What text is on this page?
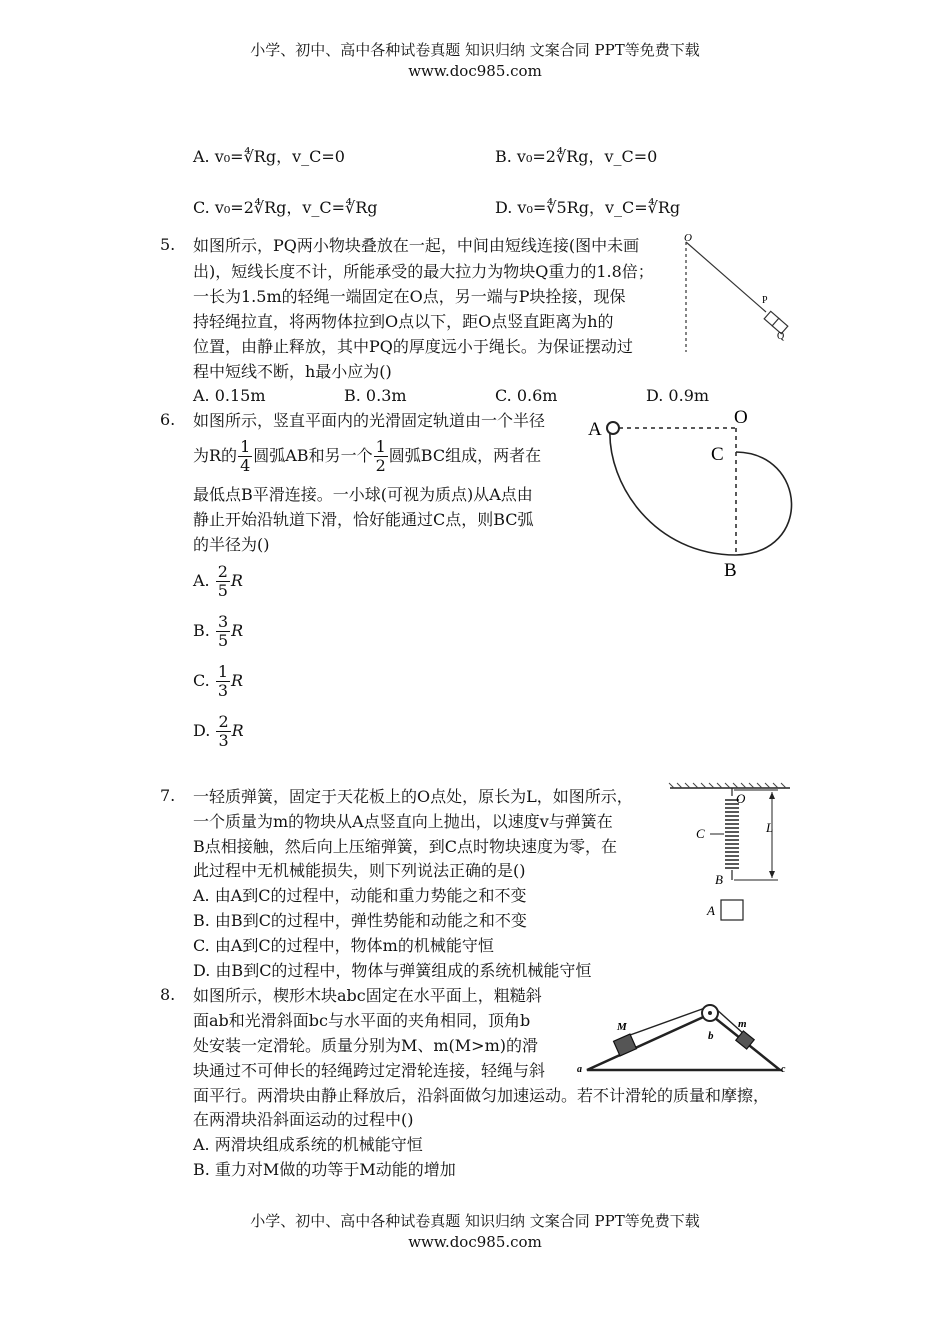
小学、初中、高中各种试卷真题 知识归纳 文案合同 PPT等免费下载
www.doc985.com
A. v₀=∜Rg，v_C=0	B. v₀=2∜Rg，v_C=0
C. v₀=2∜Rg，v_C=∜Rg	D. v₀=∜5Rg，v_C=∜Rg
5. 如图所示，PQ两小物块叠放在一起，中间由短线连接(图中未画
出)，短线长度不计，所能承受的最大拉力为物块Q重力的1.8倍；
一长为1.5m的轻绳一端固定在O点，另一端与P块拴接，现保
持轻绳拉直，将两物体拉到O点以下，距O点竖直距离为h的
位置，由静止释放，其中PQ的厚度远小于绳长。为保证摆动过
程中短线不断，h最小应为()
A. 0.15m	B. 0.3m	C. 0.6m	D. 0.9m
O
P
Q
6. 如图所示，竖直平面内的光滑固定轨道由一个半径
为R的 $\frac{1}{4}$ 圆弧AB和另一个 $\frac{1}{2}$ 圆弧BC组成，两者在
最低点B平滑连接。一小球(可视为质点)从A点由
静止开始沿轨道下滑，恰好能通过C点，则BC弧
的半径为()
A. $\frac{2}{5}$ R
B. $\frac{3}{5}$ R
C. $\frac{1}{3}$ R
D. $\frac{2}{3}$ R
A
O
C
B
7. 一轻质弹簧，固定于天花板上的O点处，原长为L，如图所示，
一个质量为m的物块从A点竖直向上抛出，以速度v与弹簧在
B点相接触，然后向上压缩弹簧，到C点时物块速度为零，在
此过程中无机械能损失，则下列说法正确的是()
A. 由A到C的过程中，动能和重力势能之和不变
B. 由B到C的过程中，弹性势能和动能之和不变
C. 由A到C的过程中，物体m的机械能守恒
D. 由B到C的过程中，物体与弹簧组成的系统机械能守恒
O
C	L
B
A
8. 如图所示，楔形木块abc固定在水平面上，粗糙斜
面ab和光滑斜面bc与水平面的夹角相同，顶角b
处安装一定滑轮。质量分别为M、m(M>m)的滑
块通过不可伸长的轻绳跨过定滑轮连接，轻绳与斜
面平行。两滑块由静止释放后，沿斜面做匀加速运动。若不计滑轮的质量和摩擦，
在两滑块沿斜面运动的过程中()
A. 两滑块组成系统的机械能守恒
B. 重力对M做的功等于M动能的增加
a
b
c
M	m
小学、初中、高中各种试卷真题 知识归纳 文案合同 PPT等免费下载
www.doc985.com
